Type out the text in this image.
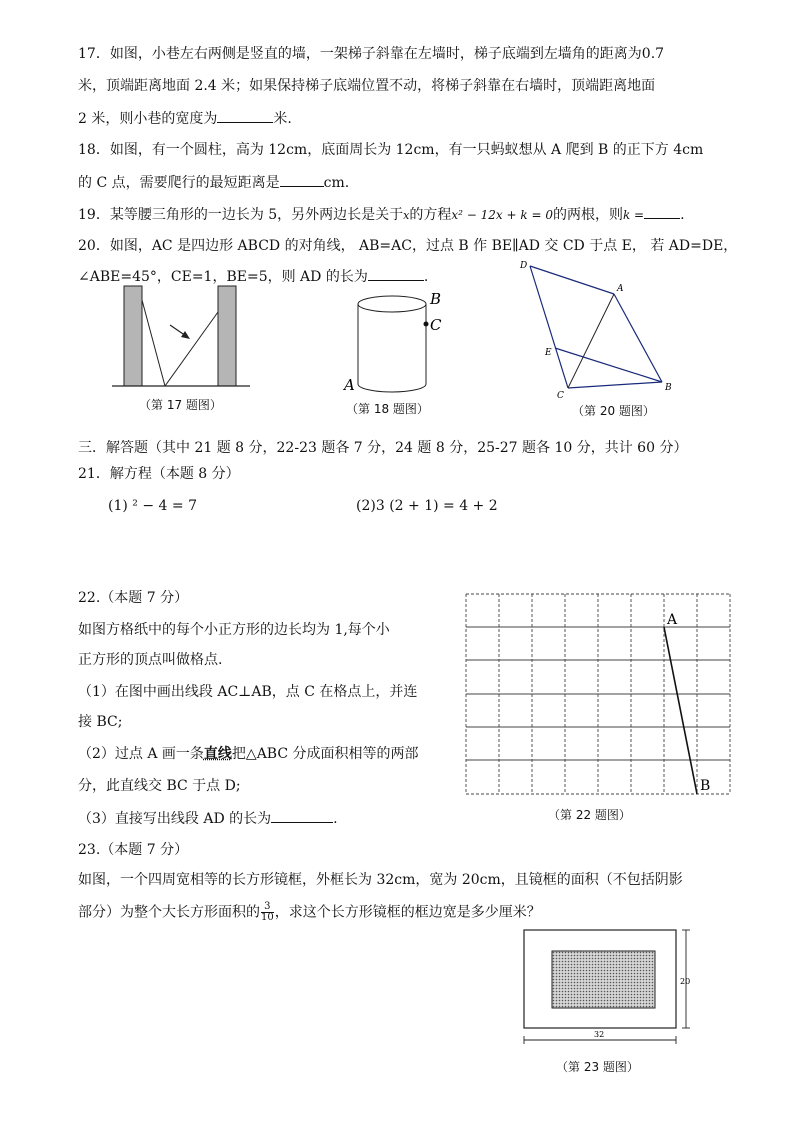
17．如图，小巷左右两侧是竖直的墙，一架梯子斜靠在左墙时，梯子底端到左墙角的距离为0.7
米，顶端距离地面 2.4 米；如果保持梯子底端位置不动，将梯子斜靠在右墙时，顶端距离地面
2 米，则小巷的宽度为	米.
18．如图，有一个圆柱，高为 12cm，底面周长为 12cm，有一只蚂蚁想从 A 爬到 B 的正下方 4cm
的 C 点，需要爬行的最短距离是	cm.
19．某等腰三角形的一边长为 5，另外两边长是关于x的方程x² − 12x + k = 0的两根，则k =	.
20．如图，AC 是四边形 ABCD 的对角线， AB=AC，过点 B 作 BE∥AD 交 CD 于点 E， 若 AD=DE，
∠ABE=45°，CE=1，BE=5，则 AD 的长为	.
（第 17 题图）
B
C
A
（第 18 题图）
D
A
E
C
B
（第 20 题图）
三．解答题（其中 21 题 8 分，22-23 题各 7 分，24 题 8 分，25-27 题各 10 分，共计 60 分）
21．解方程（本题 8 分）
(1) ² − 4 = 7	(2)3 (2 + 1) = 4 + 2
22.（本题 7 分）
如图方格纸中的每个小正方形的边长均为 1,每个小
正方形的顶点叫做格点.
（1）在图中画出线段 AC⊥AB，点 C 在格点上，并连
接 BC;
（2）过点 A 画一条直线把△ABC 分成面积相等的两部
分，此直线交 BC 于点 D;
（3）直接写出线段 AD 的长为	.
A
B
（第 22 题图）
23.（本题 7 分）
如图，一个四周宽相等的长方形镜框，外框长为 32cm，宽为 20cm，且镜框的面积（不包括阴影
部分）为整个大长方形面积的 $\frac{3}{10}$ ，求这个长方形镜框的框边宽是多少厘米？
20
32
（第 23 题图）
